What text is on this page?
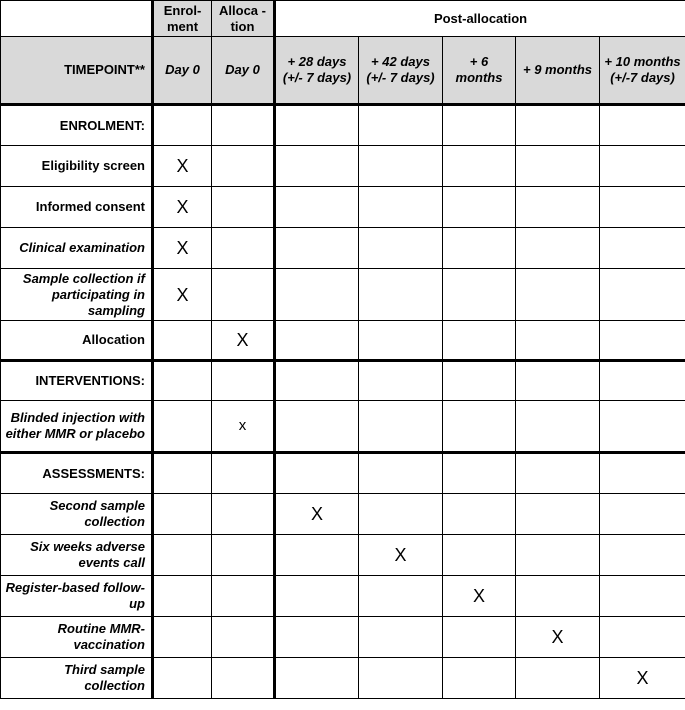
	Enrol-ment	Alloca -tion	Post-allocation				
TIMEPOINT**	Day 0	Day 0	+ 28 days (+/- 7 days)	+ 42 days (+/- 7 days)	+ 6 months	+ 9 months	+ 10 months (+/-7 days)
ENROLMENT:							
Eligibility screen	X						
Informed consent	X						
Clinical examination	X						
Sample collection if participating in sampling	X						
Allocation		X					
INTERVENTIONS:							
Blinded injection with either MMR or placebo		x					
ASSESSMENTS:							
Second sample collection			X				
Six weeks adverse events call				X			
Register-based follow-up					X		
Routine MMR-vaccination						X	
Third sample collection							X
